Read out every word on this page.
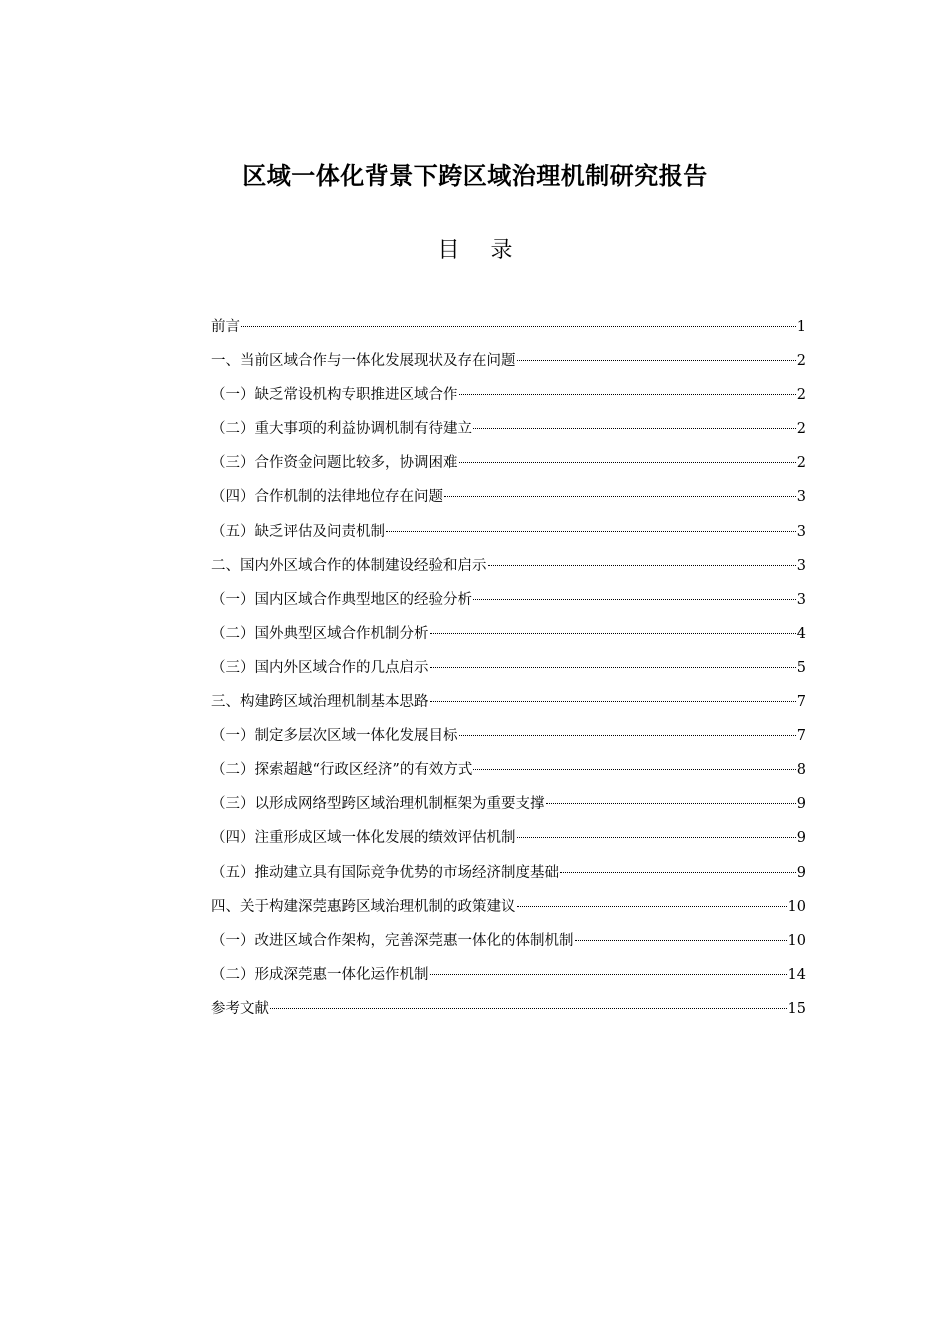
区域一体化背景下跨区域治理机制研究报告
目 录
前言	1
一、当前区域合作与一体化发展现状及存在问题	2
（一）缺乏常设机构专职推进区域合作	2
（二）重大事项的利益协调机制有待建立	2
（三）合作资金问题比较多，协调困难	2
（四）合作机制的法律地位存在问题	3
（五）缺乏评估及问责机制	3
二、国内外区域合作的体制建设经验和启示	3
（一）国内区域合作典型地区的经验分析	3
（二）国外典型区域合作机制分析	4
（三）国内外区域合作的几点启示	5
三、构建跨区域治理机制基本思路	7
（一）制定多层次区域一体化发展目标	7
（二）探索超越“行政区经济”的有效方式	8
（三）以形成网络型跨区域治理机制框架为重要支撑	9
（四）注重形成区域一体化发展的绩效评估机制	9
（五）推动建立具有国际竞争优势的市场经济制度基础	9
四、关于构建深莞惠跨区域治理机制的政策建议	10
（一）改进区域合作架构，完善深莞惠一体化的体制机制	10
（二）形成深莞惠一体化运作机制	14
参考文献	15
